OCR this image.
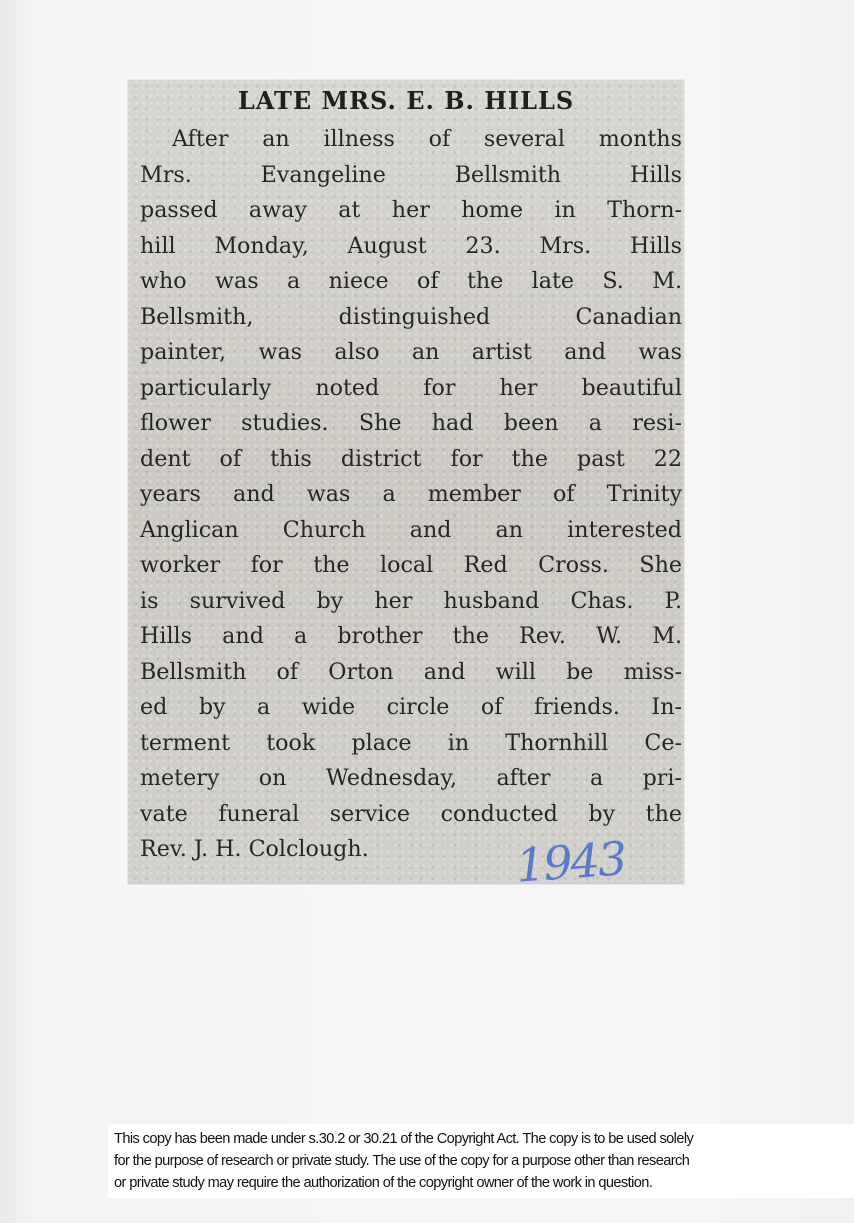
LATE MRS. E. B. HILLS
After an illness of several months
Mrs. Evangeline Bellsmith Hills
passed away at her home in Thorn-
hill Monday, August 23. Mrs. Hills
who was a niece of the late S. M.
Bellsmith, distinguished Canadian
painter, was also an artist and was
particularly noted for her beautiful
flower studies. She had been a resi-
dent of this district for the past 22
years and was a member of Trinity
Anglican Church and an interested
worker for the local Red Cross. She
is survived by her husband Chas. P.
Hills and a brother the Rev. W. M.
Bellsmith of Orton and will be miss-
ed by a wide circle of friends. In-
terment took place in Thornhill Ce-
metery on Wednesday, after a pri-
vate funeral service conducted by the
Rev. J. H. Colclough.	1943
This copy has been made under s.30.2 or 30.21 of the Copyright Act. The copy is to be used solely
for the purpose of research or private study. The use of the copy for a purpose other than research
or private study may require the authorization of the copyright owner of the work in question.
